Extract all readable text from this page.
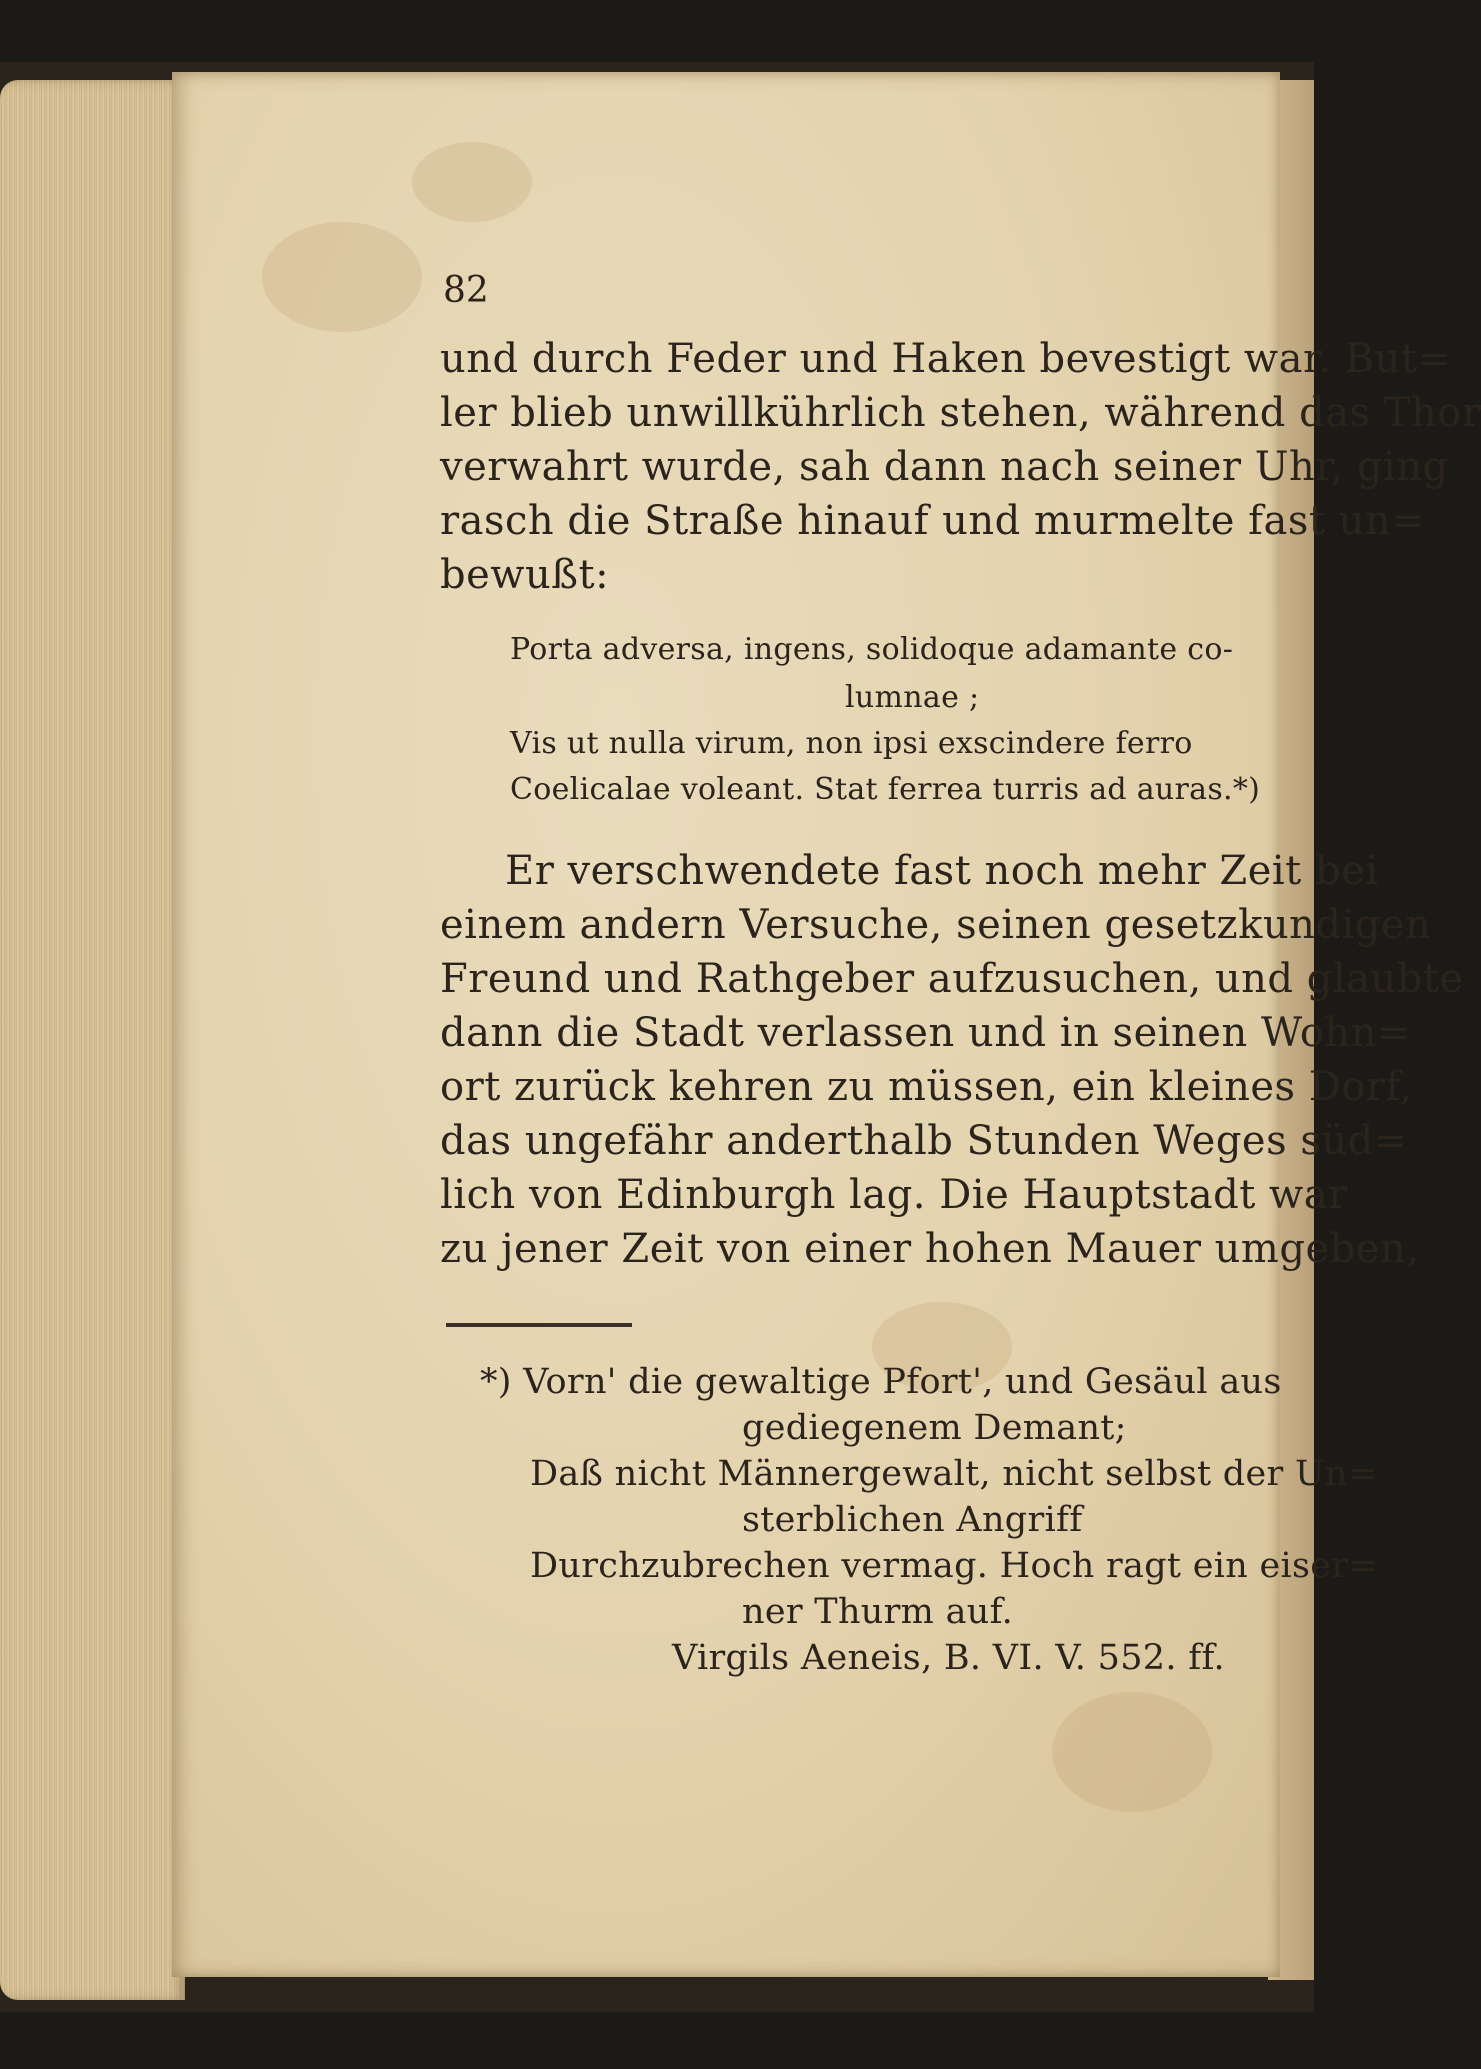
82
und durch Feder und Haken bevestigt war. But=
ler blieb unwillkührlich stehen, während das Thor
verwahrt wurde, sah dann nach seiner Uhr, ging
rasch die Straße hinauf und murmelte fast un=
bewußt:
Porta adversa, ingens, solidoque adamante co-
lumnae ;
Vis ut nulla virum, non ipsi exscindere ferro
Coelicalae voleant. Stat ferrea turris ad auras.*)
Er verschwendete fast noch mehr Zeit bei
einem andern Versuche, seinen gesetzkundigen
Freund und Rathgeber aufzusuchen, und glaubte
dann die Stadt verlassen und in seinen Wohn=
ort zurück kehren zu müssen, ein kleines Dorf,
das ungefähr anderthalb Stunden Weges süd=
lich von Edinburgh lag. Die Hauptstadt war
zu jener Zeit von einer hohen Mauer umgeben,
*) Vorn' die gewaltige Pfort', und Gesäul aus
gediegenem Demant;
Daß nicht Männergewalt, nicht selbst der Un=
sterblichen Angriff
Durchzubrechen vermag. Hoch ragt ein eiser=
ner Thurm auf.
Virgils Aeneis, B. VI. V. 552. ff.
